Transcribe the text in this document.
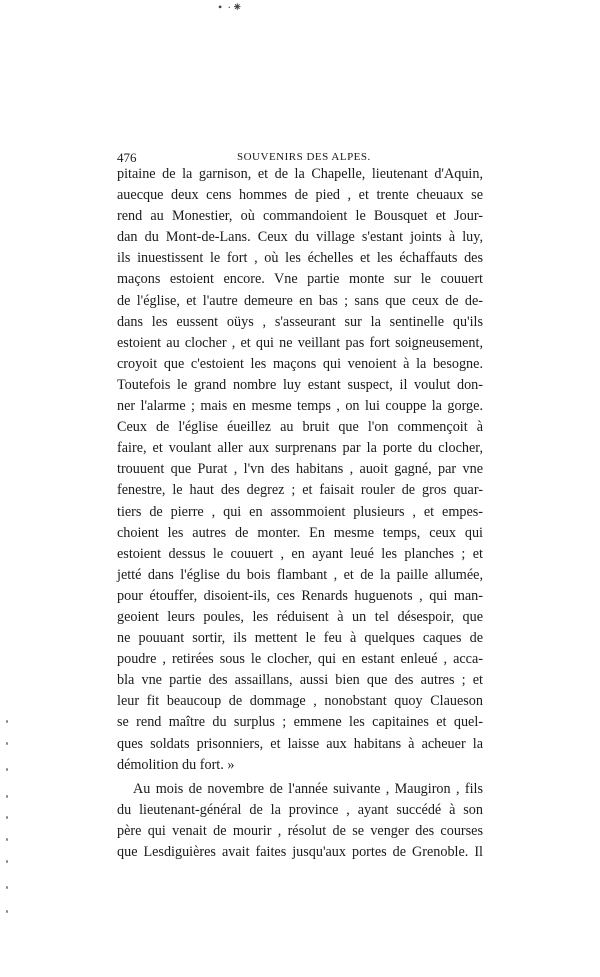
• ·⁕
476	SOUVENIRS DES ALPES.
pitaine de la garnison, et de la Chapelle, lieutenant d'Aquin,
auecque deux cens hommes de pied , et trente cheuaux se
rend au Monestier, où commandoient le Bousquet et Jour-
dan du Mont-de-Lans. Ceux du village s'estant joints à luy,
ils inuestissent le fort , où les échelles et les échaffauts des
maçons estoient encore. Vne partie monte sur le couuert
de l'église, et l'autre demeure en bas ; sans que ceux de de-
dans les eussent oüys , s'asseurant sur la sentinelle qu'ils
estoient au clocher , et qui ne veillant pas fort soigneusement,
croyoit que c'estoient les maçons qui venoient à la besogne.
Toutefois le grand nombre luy estant suspect, il voulut don-
ner l'alarme ; mais en mesme temps , on lui couppe la gorge.
Ceux de l'église éueillez au bruit que l'on commençoit à
faire, et voulant aller aux surprenans par la porte du clocher,
trouuent que Purat , l'vn des habitans , auoit gagné, par vne
fenestre, le haut des degrez ; et faisait rouler de gros quar-
tiers de pierre , qui en assommoient plusieurs , et empes-
choient les autres de monter. En mesme temps, ceux qui
estoient dessus le couuert , en ayant leué les planches ; et
jetté dans l'église du bois flambant , et de la paille allumée,
pour étouffer, disoient-ils, ces Renards huguenots , qui man-
geoient leurs poules, les réduisent à un tel désespoir, que
ne pouuant sortir, ils mettent le feu à quelques caques de
poudre , retirées sous le clocher, qui en estant enleué , acca-
bla vne partie des assaillans, aussi bien que des autres ; et
leur fit beaucoup de dommage , nonobstant quoy Claueson
se rend maître du surplus ; emmene les capitaines et quel-
ques soldats prisonniers, et laisse aux habitans à acheuer la
démolition du fort. »
Au mois de novembre de l'année suivante , Maugiron , fils
du lieutenant-général de la province , ayant succédé à son
père qui venait de mourir , résolut de se venger des courses
que Lesdiguières avait faites jusqu'aux portes de Grenoble. Il
